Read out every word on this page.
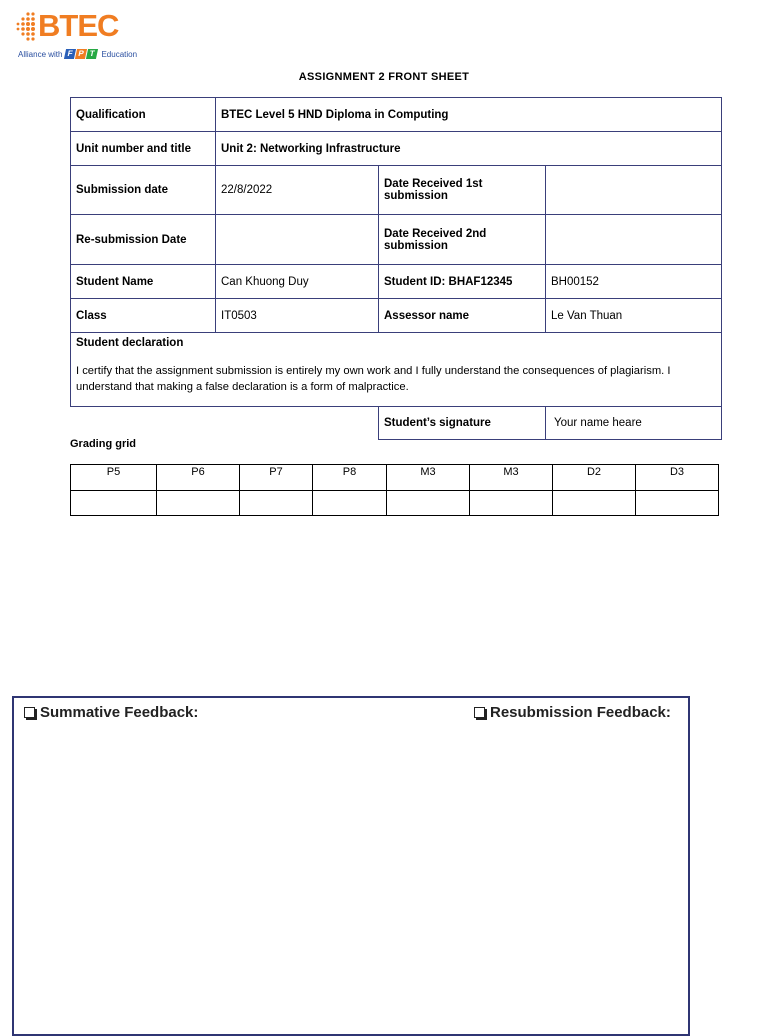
BTEC
Alliance with F P T Education
ASSIGNMENT 2 FRONT SHEET
Qualification	BTEC Level 5 HND Diploma in Computing		
Unit number and title	Unit 2: Networking Infrastructure		
Submission date	22/8/2022	Date Received 1st submission	
Re-submission Date		Date Received 2nd submission	
Student Name	Can Khuong Duy	Student ID: BHAF12345	BH00152
Class	IT0503	Assessor name	Le Van Thuan

Student declaration
I certify that the assignment submission is entirely my own work and I fully understand the consequences of plagiarism. I understand that making a false declaration is a form of malpractice.			

		Student’s signature	Your name heare
Grading grid
P5	P6	P7	P8	M3	M3	D2	D3

Summative Feedback:	Resubmission Feedback:
